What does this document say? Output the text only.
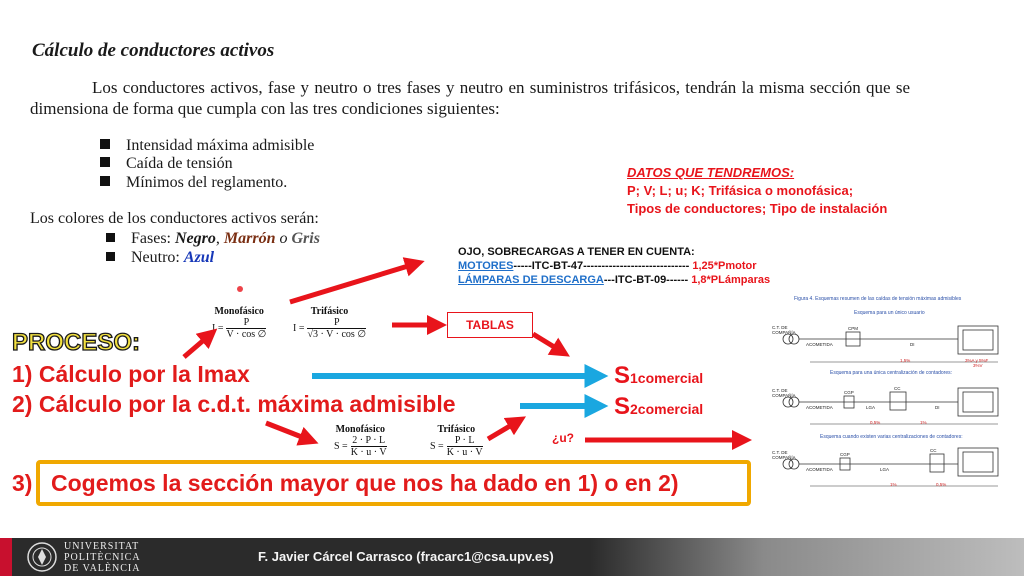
Cálculo de conductores activos
Los conductores activos, fase y neutro o tres fases y neutro en suministros trifásicos, tendrán la misma sección que se dimensiona de forma que cumpla con las tres condiciones siguientes:
Intensidad máxima admisible
Caída de tensión
Mínimos del reglamento.
Los colores de los conductores activos serán:
Fases: Negro, Marrón o Gris
Neutro: Azul
DATOS QUE TENDREMOS:
P; V; L; u; K; Trifásica o monofásica;
Tipos de conductores; Tipo de instalación
OJO, SOBRECARGAS A TENER EN CUENTA:
MOTORES-----ITC-BT-47----------------------------- 1,25*Pmotor
LÁMPARAS DE DESCARGA---ITC-BT-09------ 1,8*PLámparas
Monofásico
$I = \frac{P}{V \cdot \cos \emptyset}$
Trifásico
$I = \frac{P}{√3 \cdot V \cdot \cos \emptyset}$
Monofásico
$S = \frac{2 \cdot P \cdot L}{K \cdot u \cdot V}$
Trifásico
$S = \frac{P \cdot L}{K \cdot u \cdot V}$
TABLAS
PROCESO:
1) Cálculo por la Imax
2) Cálculo por la c.d.t. máxima admisible
S1comercial
S2comercial
¿u?
3) Cogemos la sección mayor que nos ha dado en 1) o en 2)
Figura 4. Esquemas resumen de las caídas de tensión máximas admisibles
Esquema para un único usuario
Esquema para una única centralización de contadores:
Esquema cuando existen varias centralizaciones de contadores:
C.T. DE COMPAÑÍA
ACOMETIDA
CPM
DI
1,5%	3%A y 5%F
3%V
C.T. DE COMPAÑÍA
ACOMETIDA
CGP
LGA
CC
DI
0,5%	1%
C.T. DE COMPAÑÍA
ACOMETIDA
CGP
LGA
CC
1%	0,5%
UNIVERSITAT
POLITÈCNICA
DE VALÈNCIA
F. Javier Cárcel Carrasco (fracarc1@csa.upv.es)
